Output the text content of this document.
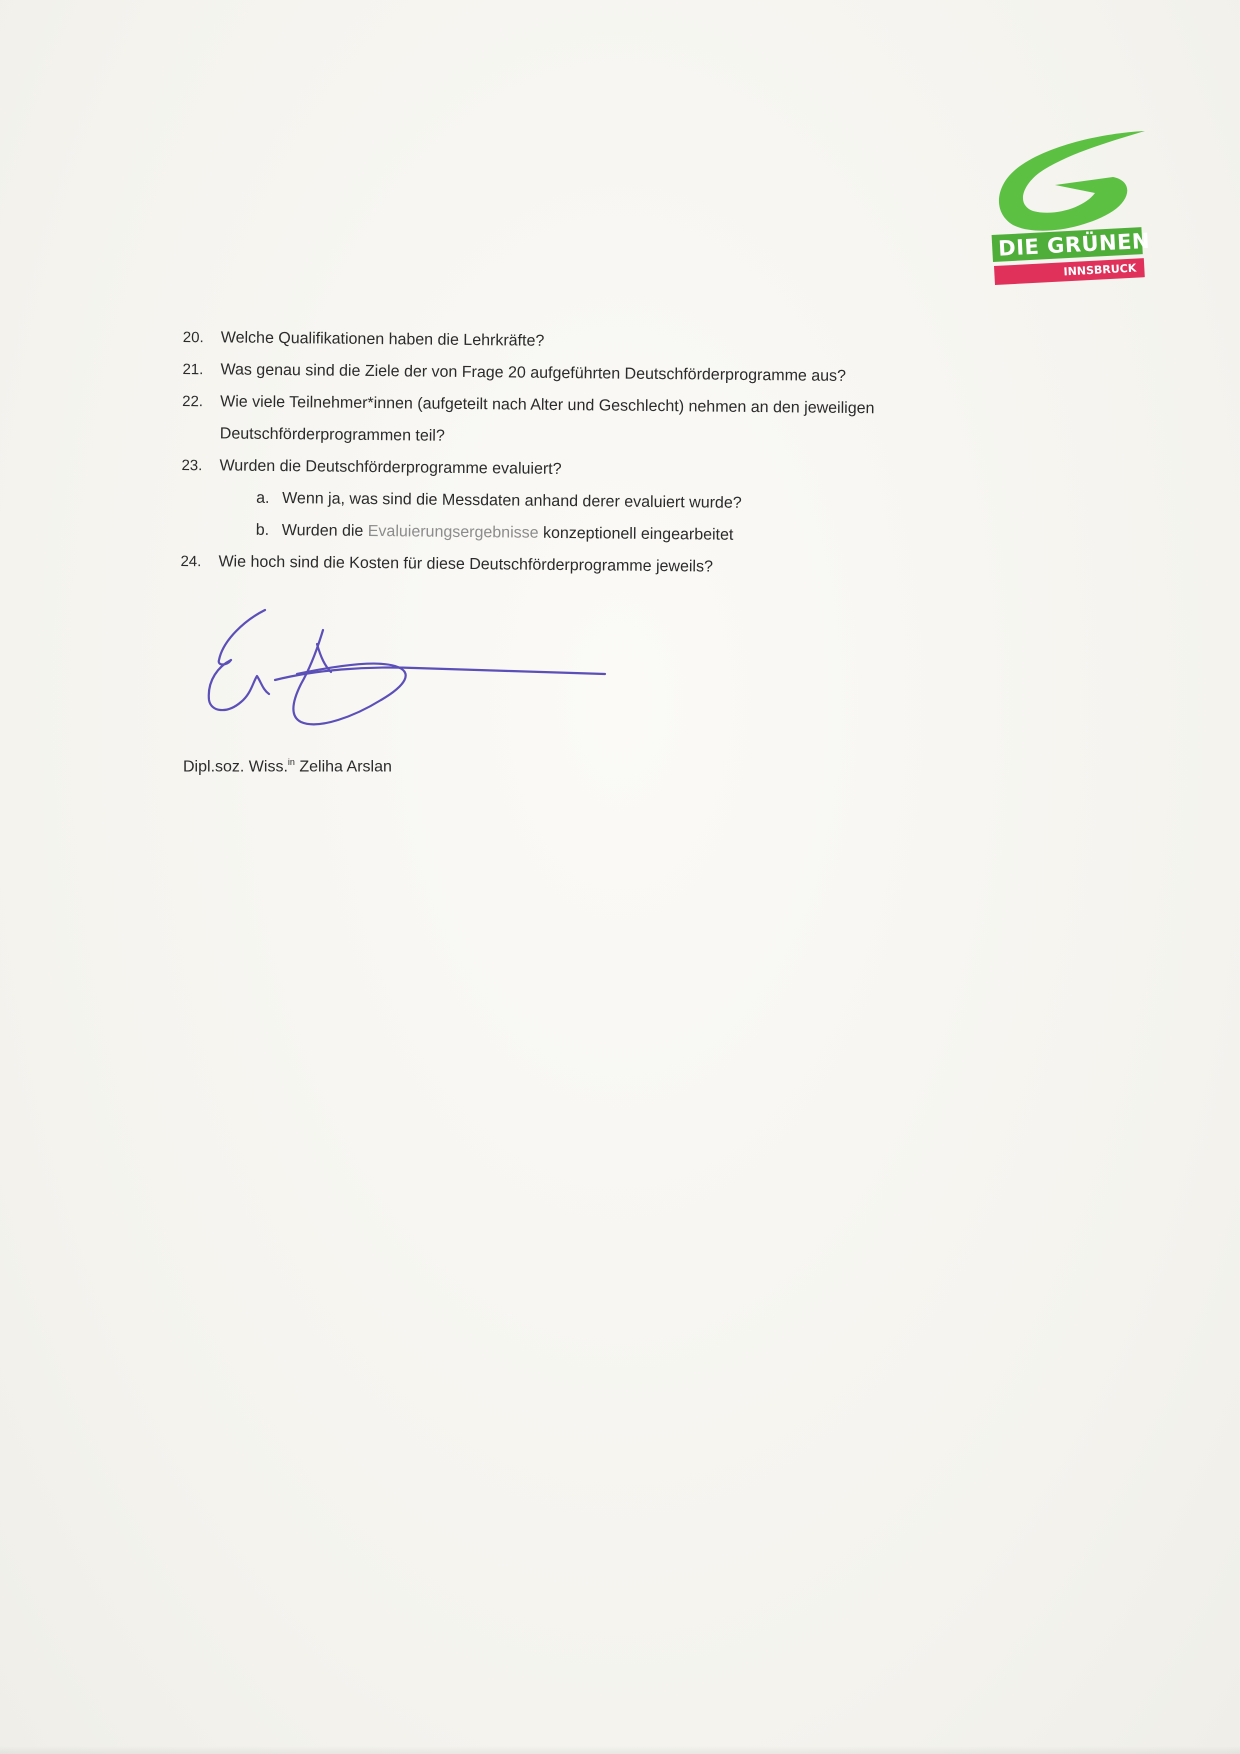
DIE GRÜNEN
INNSBRUCK
20.	Welche Qualifikationen haben die Lehrkräfte?
21.	Was genau sind die Ziele der von Frage 20 aufgeführten Deutschförderprogramme aus?
22.	Wie viele Teilnehmer*innen (aufgeteilt nach Alter und Geschlecht) nehmen an den jeweiligen
Deutschförderprogrammen teil?
23.	Wurden die Deutschförderprogramme evaluiert?
a. Wenn ja, was sind die Messdaten anhand derer evaluiert wurde?
b. Wurden die Evaluierungsergebnisse konzeptionell eingearbeitet
24.	Wie hoch sind die Kosten für diese Deutschförderprogramme jeweils?
Dipl.soz. Wiss.$^{in}$ Zeliha Arslan
